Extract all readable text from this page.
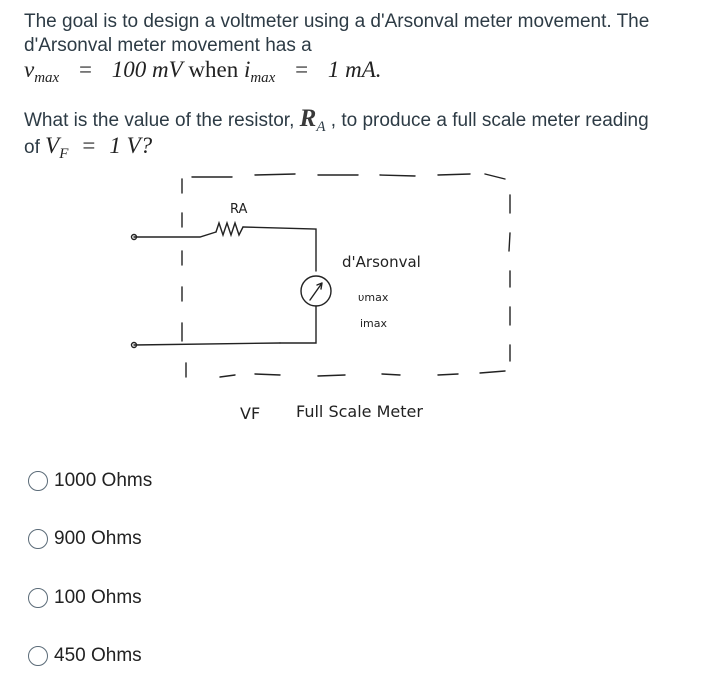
The goal is to design a voltmeter using a d'Arsonval meter movement. The
d'Arsonval meter movement has a
$v_{max} = 100$ mV when $i_{max} = 1$ mA.
What is the value of the resistor, $R_A$ , to produce a full scale meter reading
of $V_F = 1$ V?
RA
d'Arsonval
υmax
imax
VF Full Scale Meter
1000 Ohms
900 Ohms
100 Ohms
450 Ohms
